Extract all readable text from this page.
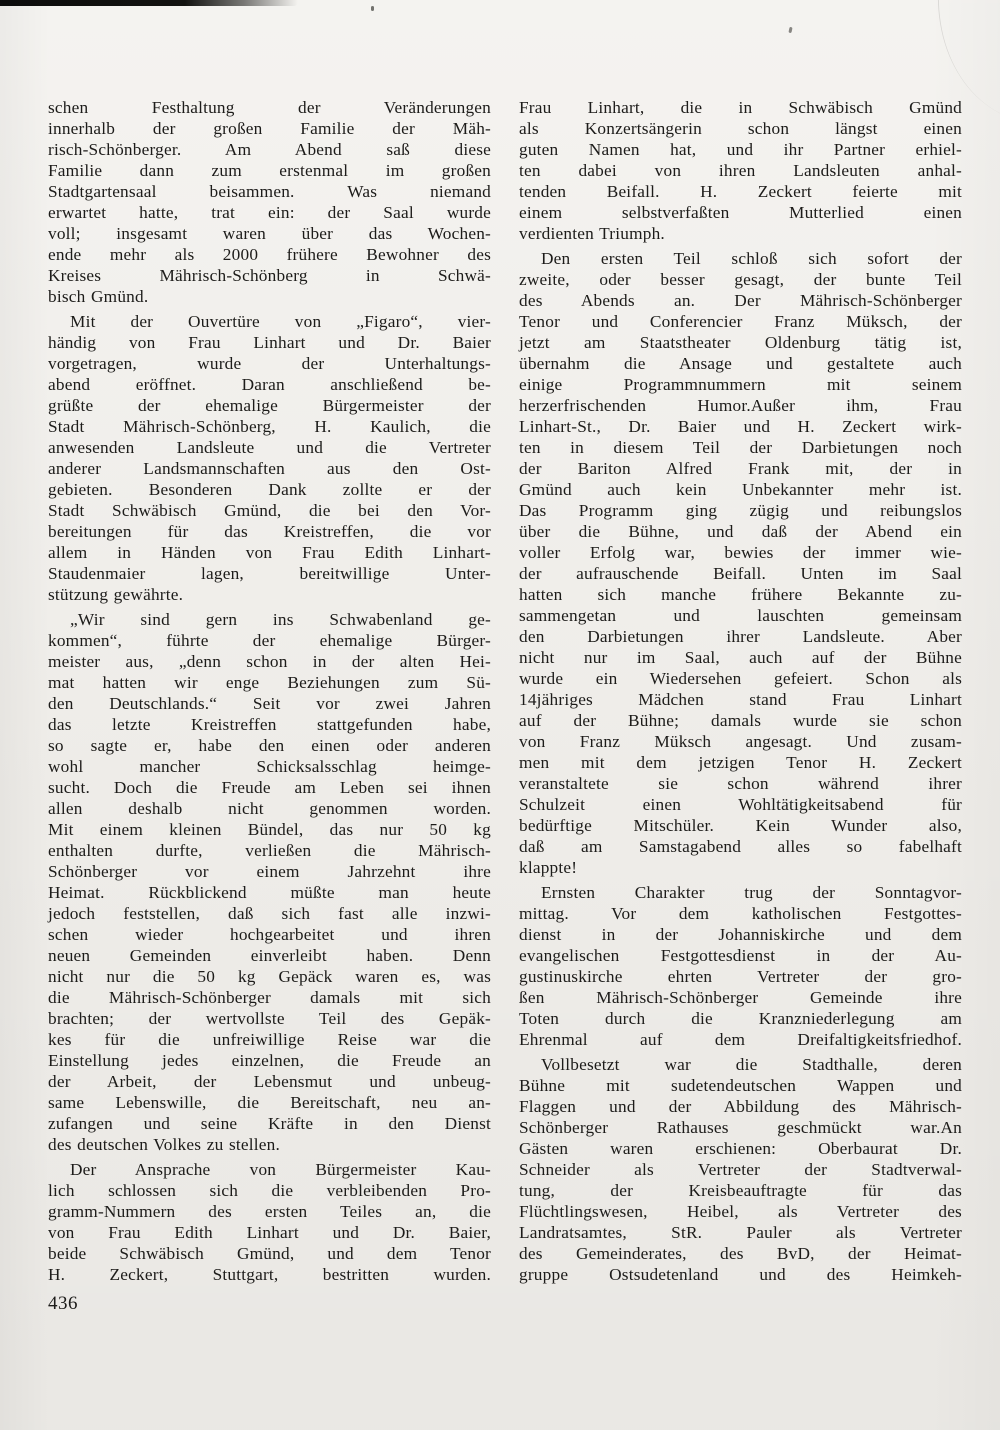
schen Festhaltung der Veränderungen
innerhalb der großen Familie der Mäh-
risch-Schönberger. Am Abend saß diese
Familie dann zum erstenmal im großen
Stadtgartensaal beisammen. Was niemand
erwartet hatte, trat ein: der Saal wurde
voll; insgesamt waren über das Wochen-
ende mehr als 2000 frühere Bewohner des
Kreises Mährisch-Schönberg in Schwä-
bisch Gmünd.
Mit der Ouvertüre von „Figaro“, vier-
händig von Frau Linhart und Dr. Baier
vorgetragen, wurde der Unterhaltungs-
abend eröffnet. Daran anschließend be-
grüßte der ehemalige Bürgermeister der
Stadt Mährisch-Schönberg, H. Kaulich, die
anwesenden Landsleute und die Vertreter
anderer Landsmannschaften aus den Ost-
gebieten. Besonderen Dank zollte er der
Stadt Schwäbisch Gmünd, die bei den Vor-
bereitungen für das Kreistreffen, die vor
allem in Händen von Frau Edith Linhart-
Staudenmaier lagen, bereitwillige Unter-
stützung gewährte.
„Wir sind gern ins Schwabenland ge-
kommen“, führte der ehemalige Bürger-
meister aus, „denn schon in der alten Hei-
mat hatten wir enge Beziehungen zum Sü-
den Deutschlands.“ Seit vor zwei Jahren
das letzte Kreistreffen stattgefunden habe,
so sagte er, habe den einen oder anderen
wohl mancher Schicksalsschlag heimge-
sucht. Doch die Freude am Leben sei ihnen
allen deshalb nicht genommen worden.
Mit einem kleinen Bündel, das nur 50 kg
enthalten durfte, verließen die Mährisch-
Schönberger vor einem Jahrzehnt ihre
Heimat. Rückblickend müßte man heute
jedoch feststellen, daß sich fast alle inzwi-
schen wieder hochgearbeitet und ihren
neuen Gemeinden einverleibt haben. Denn
nicht nur die 50 kg Gepäck waren es, was
die Mährisch-Schönberger damals mit sich
brachten; der wertvollste Teil des Gepäk-
kes für die unfreiwillige Reise war die
Einstellung jedes einzelnen, die Freude an
der Arbeit, der Lebensmut und unbeug-
same Lebenswille, die Bereitschaft, neu an-
zufangen und seine Kräfte in den Dienst
des deutschen Volkes zu stellen.
Der Ansprache von Bürgermeister Kau-
lich schlossen sich die verbleibenden Pro-
gramm-Nummern des ersten Teiles an, die
von Frau Edith Linhart und Dr. Baier,
beide Schwäbisch Gmünd, und dem Tenor
H. Zeckert, Stuttgart, bestritten wurden.
Frau Linhart, die in Schwäbisch Gmünd
als Konzertsängerin schon längst einen
guten Namen hat, und ihr Partner erhiel-
ten dabei von ihren Landsleuten anhal-
tenden Beifall. H. Zeckert feierte mit
einem selbstverfaßten Mutterlied einen
verdienten Triumph.
Den ersten Teil schloß sich sofort der
zweite, oder besser gesagt, der bunte Teil
des Abends an. Der Mährisch-Schönberger
Tenor und Conferencier Franz Müksch, der
jetzt am Staatstheater Oldenburg tätig ist,
übernahm die Ansage und gestaltete auch
einige Programmnummern mit seinem
herzerfrischenden Humor.Außer ihm, Frau
Linhart-St., Dr. Baier und H. Zeckert wirk-
ten in diesem Teil der Darbietungen noch
der Bariton Alfred Frank mit, der in
Gmünd auch kein Unbekannter mehr ist.
Das Programm ging zügig und reibungslos
über die Bühne, und daß der Abend ein
voller Erfolg war, bewies der immer wie-
der aufrauschende Beifall. Unten im Saal
hatten sich manche frühere Bekannte zu-
sammengetan und lauschten gemeinsam
den Darbietungen ihrer Landsleute. Aber
nicht nur im Saal, auch auf der Bühne
wurde ein Wiedersehen gefeiert. Schon als
14jähriges Mädchen stand Frau Linhart
auf der Bühne; damals wurde sie schon
von Franz Müksch angesagt. Und zusam-
men mit dem jetzigen Tenor H. Zeckert
veranstaltete sie schon während ihrer
Schulzeit einen Wohltätigkeitsabend für
bedürftige Mitschüler. Kein Wunder also,
daß am Samstagabend alles so fabelhaft
klappte!
Ernsten Charakter trug der Sonntagvor-
mittag. Vor dem katholischen Festgottes-
dienst in der Johanniskirche und dem
evangelischen Festgottesdienst in der Au-
gustinuskirche ehrten Vertreter der gro-
ßen Mährisch-Schönberger Gemeinde ihre
Toten durch die Kranzniederlegung am
Ehrenmal auf dem Dreifaltigkeitsfriedhof.
Vollbesetzt war die Stadthalle, deren
Bühne mit sudetendeutschen Wappen und
Flaggen und der Abbildung des Mährisch-
Schönberger Rathauses geschmückt war.An
Gästen waren erschienen: Oberbaurat Dr.
Schneider als Vertreter der Stadtverwal-
tung, der Kreisbeauftragte für das
Flüchtlingswesen, Heibel, als Vertreter des
Landratsamtes, StR. Pauler als Vertreter
des Gemeinderates, des BvD, der Heimat-
gruppe Ostsudetenland und des Heimkeh-
436
